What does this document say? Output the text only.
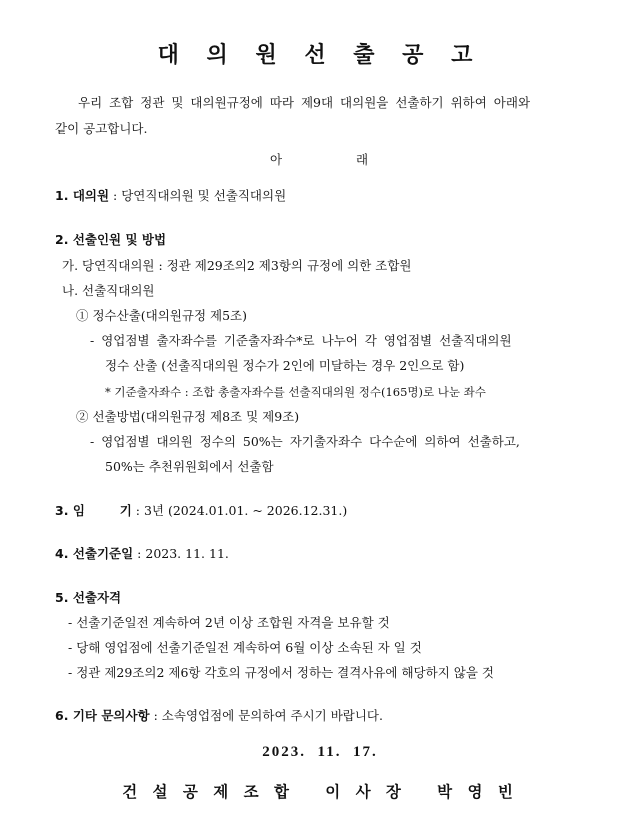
대 의 원 선 출 공 고
우리 조합 정관 및 대의원규정에 따라 제9대 대의원을 선출하기 위하여 아래와
같이 공고합니다.
아	래
1. 대의원 : 당연직대의원 및 선출직대의원
2. 선출인원 및 방법
가. 당연직대의원 : 정관 제29조의2 제3항의 규정에 의한 조합원
나. 선출직대의원
① 정수산출(대의원규정 제5조)
- 영업점별 출자좌수를 기준출자좌수*로 나누어 각 영업점별 선출직대의원
정수 산출 (선출직대의원 정수가 2인에 미달하는 경우 2인으로 함)
* 기준출자좌수 : 조합 총출자좌수를 선출직대의원 정수(165명)로 나눈 좌수
② 선출방법(대의원규정 제8조 및 제9조)
- 영업점별 대의원 정수의 50%는 자기출자좌수 다수순에 의하여 선출하고,
50%는 추천위원회에서 선출함
3. 임        기 : 3년 (2024.01.01. ~ 2026.12.31.)
4. 선출기준일 : 2023. 11. 11.
5. 선출자격
- 선출기준일전 계속하여 2년 이상 조합원 자격을 보유할 것
- 당해 영업점에 선출기준일전 계속하여 6월 이상 소속된 자 일 것
- 정관 제29조의2 제6항 각호의 규정에서 정하는 결격사유에 해당하지 않을 것
6. 기타 문의사항 : 소속영업점에 문의하여 주시기 바랍니다.
2023.  11.  17.
건 설 공 제 조 합   이 사 장   박 영 빈
